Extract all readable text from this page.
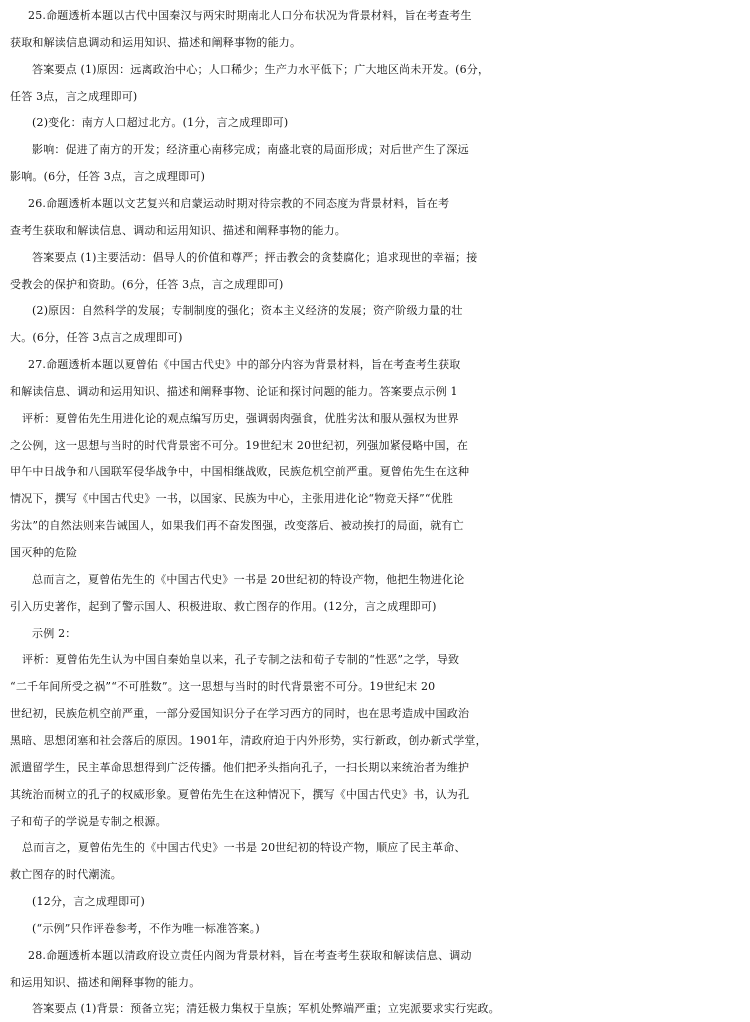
25.命题透析本题以古代中国秦汉与两宋时期南北人口分布状况为背景材料，旨在考查考生
获取和解读信息调动和运用知识、描述和阐释事物的能力。
答案要点 (1)原因：远离政治中心；人口稀少；生产力水平低下；广大地区尚未开发。(6分，
任答 3点，言之成理即可)
(2)变化：南方人口超过北方。(1分，言之成理即可)
影响：促进了南方的开发；经济重心南移完成；南盛北衰的局面形成；对后世产生了深远
影响。(6分，任答 3点，言之成理即可)
26.命题透析本题以文艺复兴和启蒙运动时期对待宗教的不同态度为背景材料，旨在考
查考生获取和解读信息、调动和运用知识、描述和阐释事物的能力。
答案要点 (1)主要活动：倡导人的价值和尊严；抨击教会的贪婪腐化；追求现世的幸福；接
受教会的保护和资助。(6分，任答 3点，言之成理即可)
(2)原因：自然科学的发展；专制制度的强化；资本主义经济的发展；资产阶级力量的壮
大。(6分，任答 3点言之成理即可)
27.命题透析本题以夏曾佑《中国古代史》中的部分内容为背景材料，旨在考查考生获取
和解读信息、调动和运用知识、描述和阐释事物、论证和探讨问题的能力。答案要点示例 1
评析：夏曾佑先生用进化论的观点编写历史，强调弱肉强食，优胜劣汰和服从强权为世界
之公例，这一思想与当时的时代背景密不可分。19世纪末 20世纪初，列强加紧侵略中国，在
甲午中日战争和八国联军侵华战争中，中国相继战败，民族危机空前严重。夏曾佑先生在这种
情况下，撰写《中国古代史》一书，以国家、民族为中心，主张用进化论“物竞天择”“优胜
劣汰”的自然法则来告诫国人，如果我们再不奋发图强，改变落后、被动挨打的局面，就有亡
国灭种的危险
总而言之，夏曾佑先生的《中国古代史》一书是 20世纪初的特设产物，他把生物进化论
引入历史著作，起到了警示国人、积极进取、救亡图存的作用。(12分，言之成理即可)
示例 2：
评析：夏曾佑先生认为中国自秦始皇以来，孔子专制之法和荀子专制的“性恶”之学，导致
“二千年间所受之祸”“不可胜数”。这一思想与当时的时代背景密不可分。19世纪末 20
世纪初，民族危机空前严重，一部分爱国知识分子在学习西方的同时，也在思考造成中国政治
黑暗、思想闭塞和社会落后的原因。1901年，清政府迫于内外形势，实行新政，创办新式学堂，
派遣留学生，民主革命思想得到广泛传播。他们把矛头指向孔子，一扫长期以来统治者为维护
其统治而树立的孔子的权威形象。夏曾佑先生在这种情况下，撰写《中国古代史》书，认为孔
子和荀子的学说是专制之根源。
总而言之，夏曾佑先生的《中国古代史》一书是 20世纪初的特设产物，顺应了民主革命、
救亡图存的时代潮流。
(12分，言之成理即可)
(“示例”只作评卷参考，不作为唯一标准答案。)
28.命题透析本题以清政府设立责任内阁为背景材料，旨在考查考生获取和解读信息、调动
和运用知识、描述和阐释事物的能力。
答案要点 (1)背景：预备立宪；清廷极力集权于皇族；军机处弊端严重；立宪派要求实行宪政。
